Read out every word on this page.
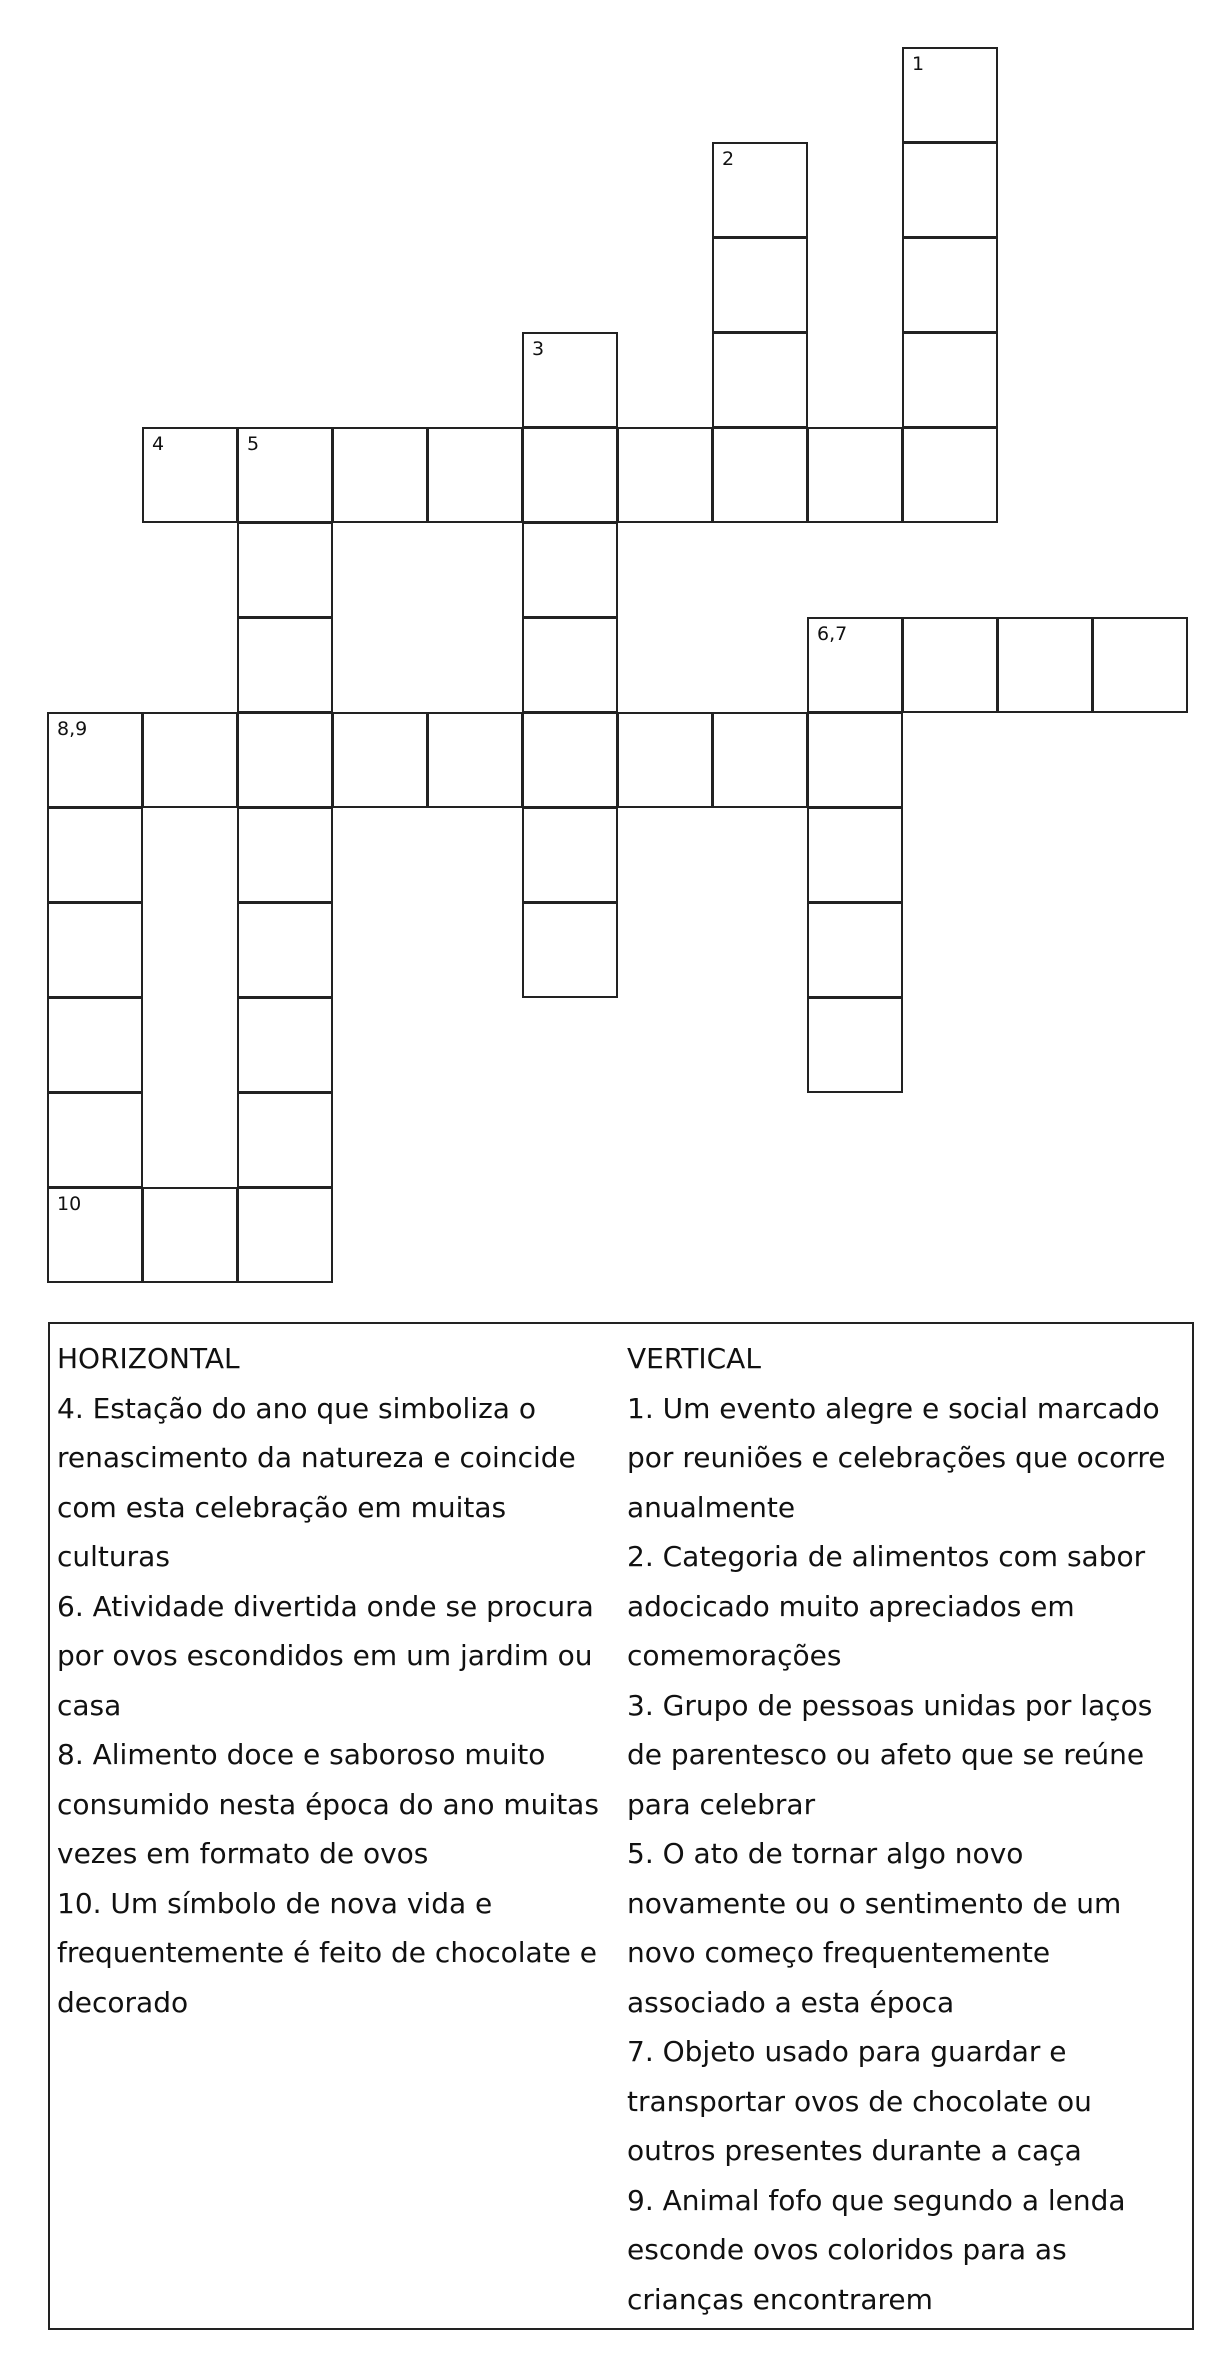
1
2
3
4	5
6,7
8,9
10
HORIZONTAL
4. Estação do ano que simboliza o renascimento da natureza e coincide com esta celebração em muitas culturas
6. Atividade divertida onde se procura por ovos escondidos em um jardim ou casa
8. Alimento doce e saboroso muito consumido nesta época do ano muitas vezes em formato de ovos
10. Um símbolo de nova vida e frequentemente é feito de chocolate e decorado
VERTICAL
1. Um evento alegre e social marcado por reuniões e celebrações que ocorre anualmente
2. Categoria de alimentos com sabor adocicado muito apreciados em comemorações
3. Grupo de pessoas unidas por laços de parentesco ou afeto que se reúne para celebrar
5. O ato de tornar algo novo novamente ou o sentimento de um novo começo frequentemente associado a esta época
7. Objeto usado para guardar e transportar ovos de chocolate ou outros presentes durante a caça
9. Animal fofo que segundo a lenda esconde ovos coloridos para as crianças encontrarem
